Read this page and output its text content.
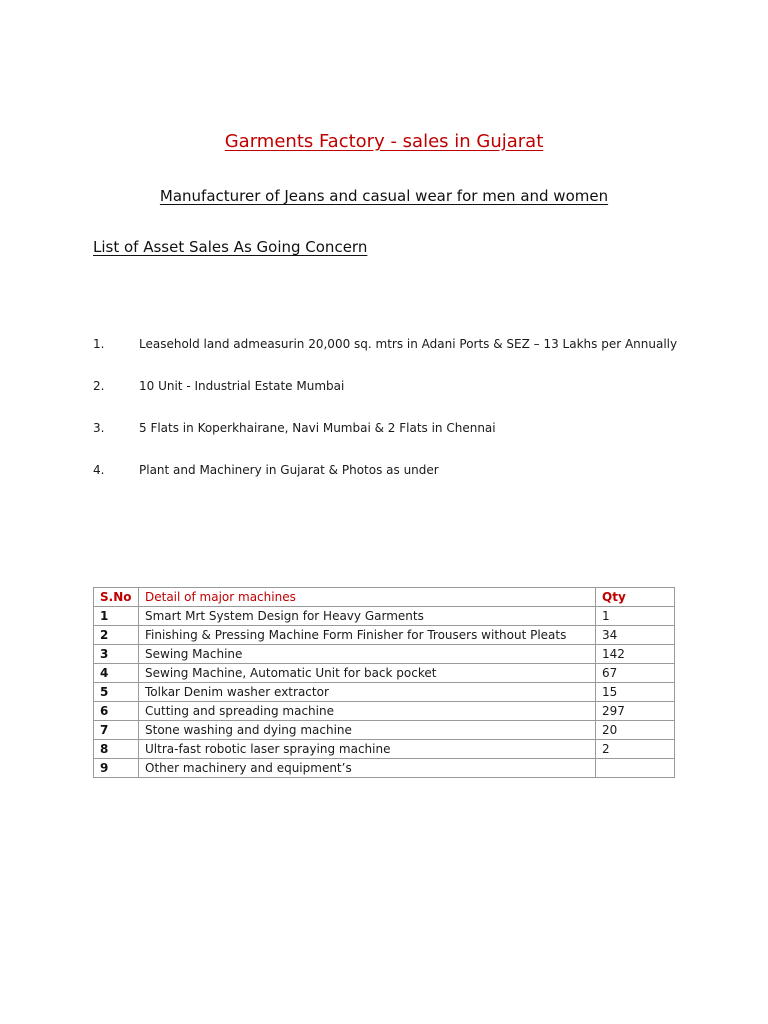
Garments Factory - sales in Gujarat
Manufacturer of Jeans and casual wear for men and women
List of Asset Sales As Going Concern
1.	Leasehold land admeasurin 20,000 sq. mtrs in Adani Ports & SEZ – 13 Lakhs per Annually
2.	10 Unit - Industrial Estate Mumbai
3.	5 Flats in Koperkhairane, Navi Mumbai & 2 Flats in Chennai
4.	Plant and Machinery in Gujarat & Photos as under
S.No	Detail of major machines	Qty
1	Smart Mrt System Design for Heavy Garments	1
2	Finishing & Pressing Machine Form Finisher for Trousers without Pleats	34
3	Sewing Machine	142
4	Sewing Machine, Automatic Unit for back pocket	67
5	Tolkar Denim washer extractor	15
6	Cutting and spreading machine	297
7	Stone washing and dying machine	20
8	Ultra-fast robotic laser spraying machine	2
9	Other machinery and equipment’s	
